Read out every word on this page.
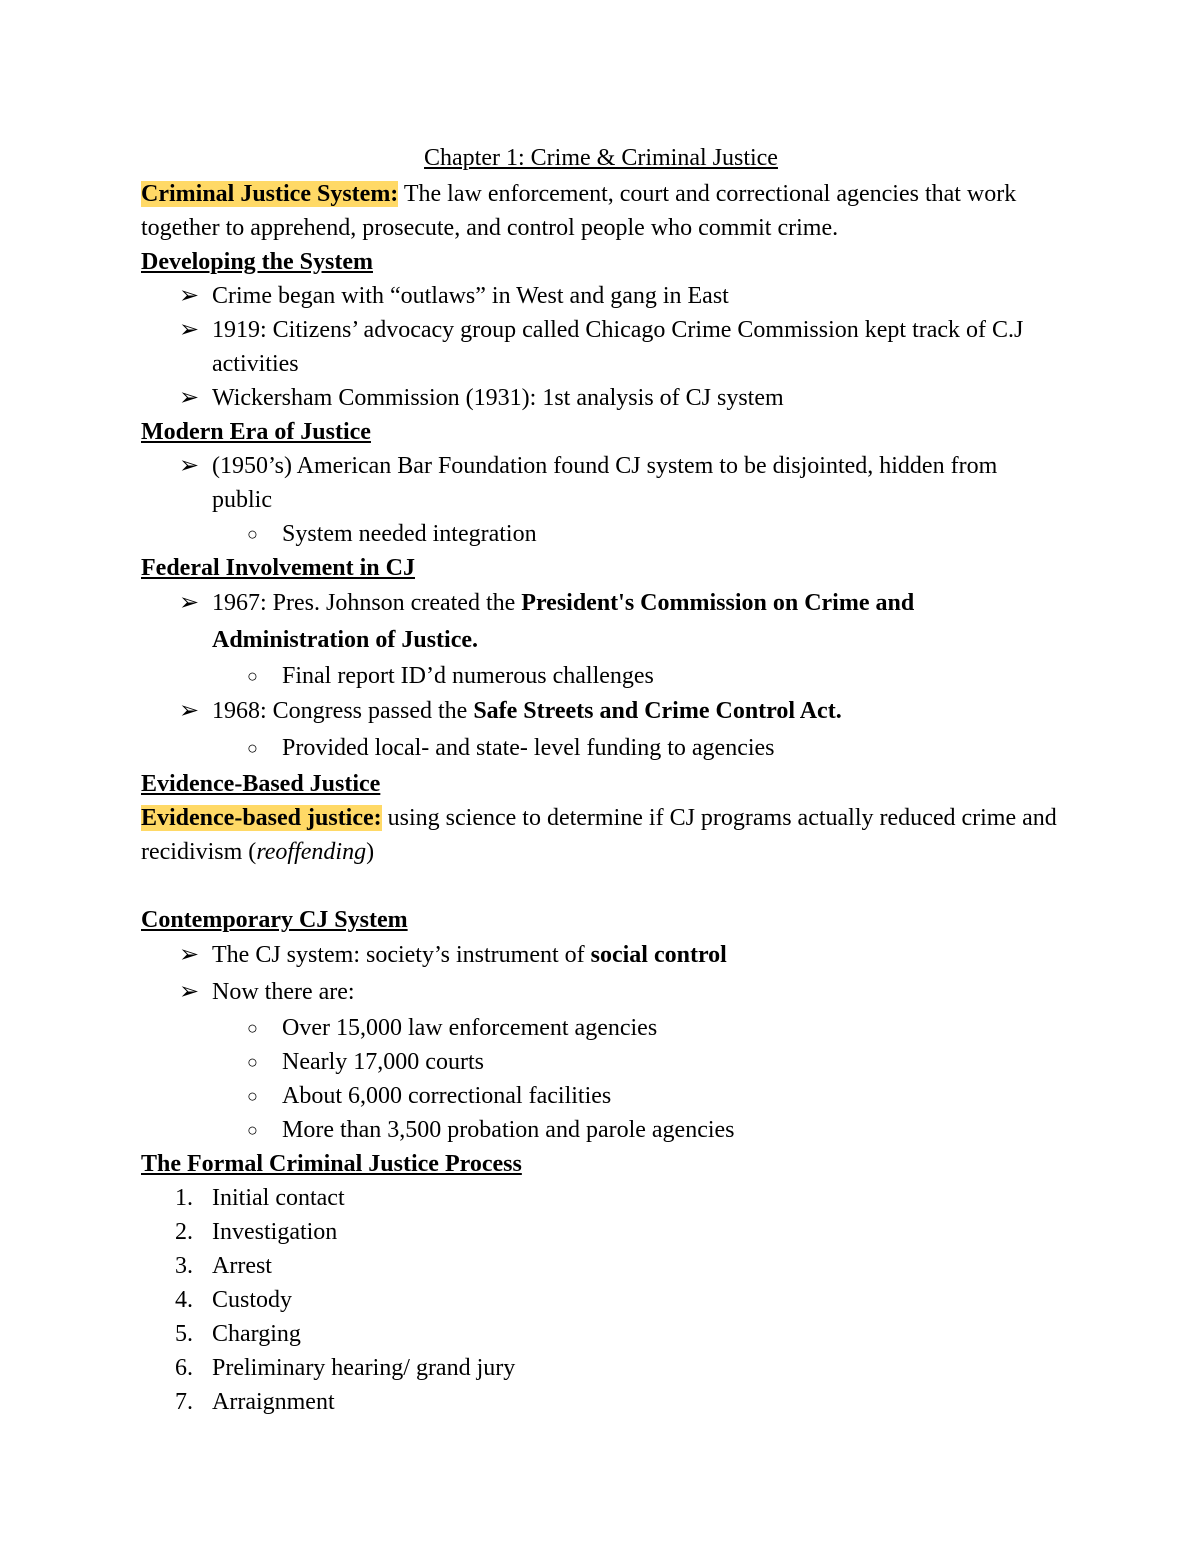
Chapter 1: Crime & Criminal Justice

Criminal Justice System: The law enforcement, court and correctional agencies that work together to apprehend, prosecute, and control people who commit crime.

Developing the System
➢ Crime began with “outlaws” in West and gang in East
➢ 1919: Citizens’ advocacy group called Chicago Crime Commission kept track of C.J activities
➢ Wickersham Commission (1931): 1st analysis of CJ system
Modern Era of Justice
➢ (1950’s) American Bar Foundation found CJ system to be disjointed, hidden from public
○ System needed integration
Federal Involvement in CJ
➢ 1967: Pres. Johnson created the President's Commission on Crime and Administration of Justice.
○ Final report ID’d numerous challenges
➢ 1968: Congress passed the Safe Streets and Crime Control Act.
○ Provided local- and state- level funding to agencies
Evidence-Based Justice

Evidence-based justice: using science to determine if CJ programs actually reduced crime and recidivism (reoffending)

Contemporary CJ System
➢ The CJ system: society’s instrument of social control
➢ Now there are:
○ Over 15,000 law enforcement agencies
○ Nearly 17,000 courts
○ About 6,000 correctional facilities
○ More than 3,500 probation and parole agencies
The Formal Criminal Justice Process
1. Initial contact
2. Investigation
3. Arrest
4. Custody
5. Charging
6. Preliminary hearing/ grand jury
7. Arraignment
